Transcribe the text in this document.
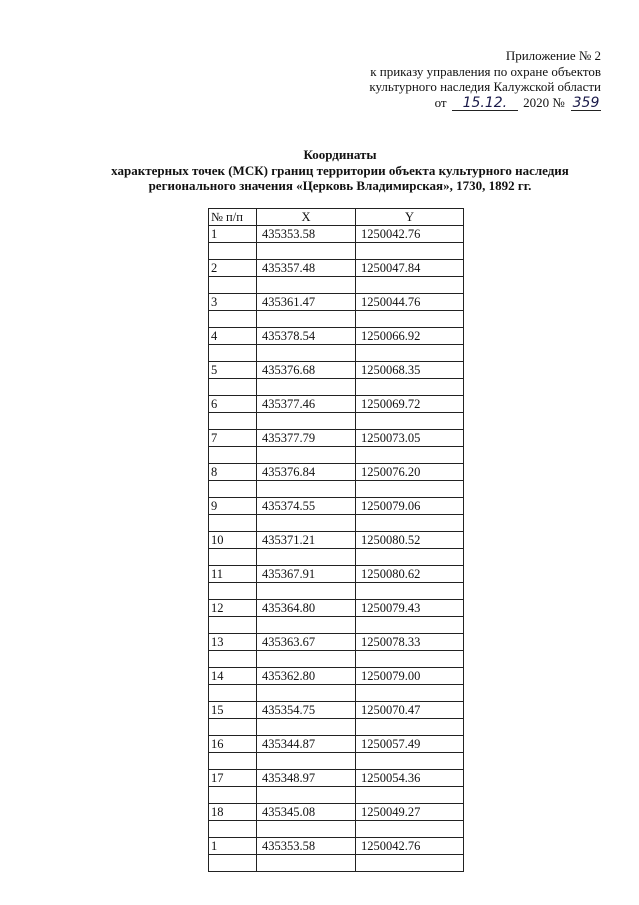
Приложение № 2
к приказу управления по охране объектов
культурного наследия Калужской области
от 15.12. 2020 № 359
Координаты
характерных точек (МСК) границ территории объекта культурного наследия
регионального значения «Церковь Владимирская», 1730, 1892 гг.
№ п/п	X	Y
1	435353.58	1250042.76

2	435357.48	1250047.84

3	435361.47	1250044.76

4	435378.54	1250066.92

5	435376.68	1250068.35

6	435377.46	1250069.72

7	435377.79	1250073.05

8	435376.84	1250076.20

9	435374.55	1250079.06

10	435371.21	1250080.52

11	435367.91	1250080.62

12	435364.80	1250079.43

13	435363.67	1250078.33

14	435362.80	1250079.00

15	435354.75	1250070.47

16	435344.87	1250057.49

17	435348.97	1250054.36

18	435345.08	1250049.27

1	435353.58	1250042.76
